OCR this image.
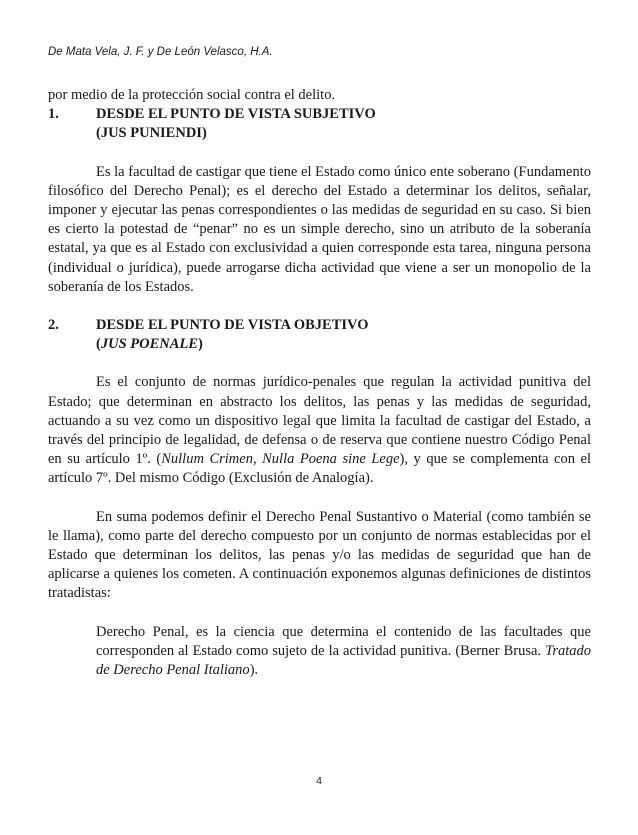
De Mata Vela, J. F. y De León Velasco, H.A.

por medio de la protección social contra el delito.

1.	DESDE EL PUNTO DE VISTA SUBJETIVO
(JUS PUNIENDI)

Es la facultad de castigar que tiene el Estado como único ente soberano (Fundamento filosófico del Derecho Penal); es el derecho del Estado a determinar los delitos, señalar, imponer y ejecutar las penas correspondientes o las medidas de seguridad en su caso. Si bien es cierto la potestad de “penar” no es un simple derecho, sino un atributo de la soberanía estatal, ya que es al Estado con exclusividad a quien corresponde esta tarea, ninguna persona (individual o jurídica), puede arrogarse dicha actividad que viene a ser un monopolio de la soberanía de los Estados.

2.	DESDE EL PUNTO DE VISTA OBJETIVO
(JUS POENALE)

Es el conjunto de normas jurídico-penales que regulan la actividad punitiva del Estado; que determinan en abstracto los delitos, las penas y las medidas de seguridad, actuando a su vez como un dispositivo legal que limita la facultad de castigar del Estado, a través del principio de legalidad, de defensa o de reserva que contiene nuestro Código Penal en su artículo 1º. (Nullum Crimen, Nulla Poena sine Lege), y que se complementa con el artículo 7º. Del mismo Código (Exclusión de Analogía).

En suma podemos definir el Derecho Penal Sustantivo o Material (como también se le llama), como parte del derecho compuesto por un conjunto de normas establecidas por el Estado que determinan los delitos, las penas y/o las medidas de seguridad que han de aplicarse a quienes los cometen. A continuación exponemos algunas definiciones de distintos tratadistas:

Derecho Penal, es la ciencia que determina el contenido de las facultades que corresponden al Estado como sujeto de la actividad punitiva. (Berner Brusa. Tratado de Derecho Penal Italiano).

4
